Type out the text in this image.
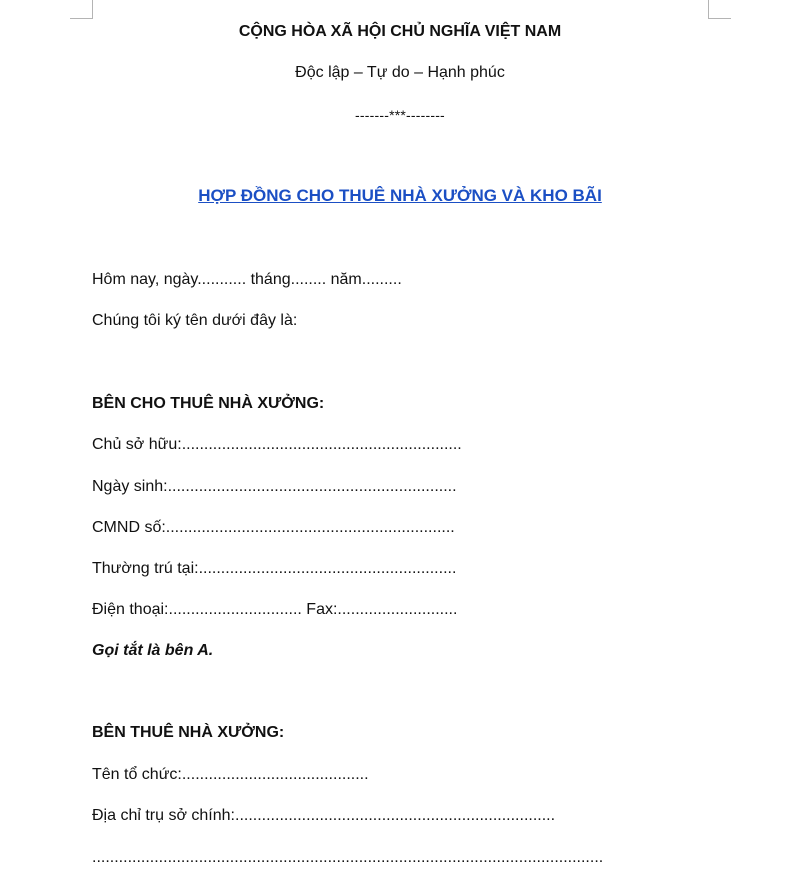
CỘNG HÒA XÃ HỘI CHỦ NGHĨA VIỆT NAM
Độc lập – Tự do – Hạnh phúc
-------***--------
HỢP ĐỒNG CHO THUÊ NHÀ XƯỞNG VÀ KHO BÃI
Hôm nay, ngày........... tháng........ năm.........
Chúng tôi ký tên dưới đây là:
BÊN CHO THUÊ NHÀ XƯỞNG:
Chủ sở hữu:...............................................................
Ngày sinh:.................................................................
CMND số:.................................................................
Thường trú tại:..........................................................
Điện thoại:.............................. Fax:...........................
Gọi tắt là bên A.
BÊN THUÊ NHÀ XƯỞNG:
Tên tổ chức:..........................................
Địa chỉ trụ sở chính:........................................................................
...................................................................................................................
